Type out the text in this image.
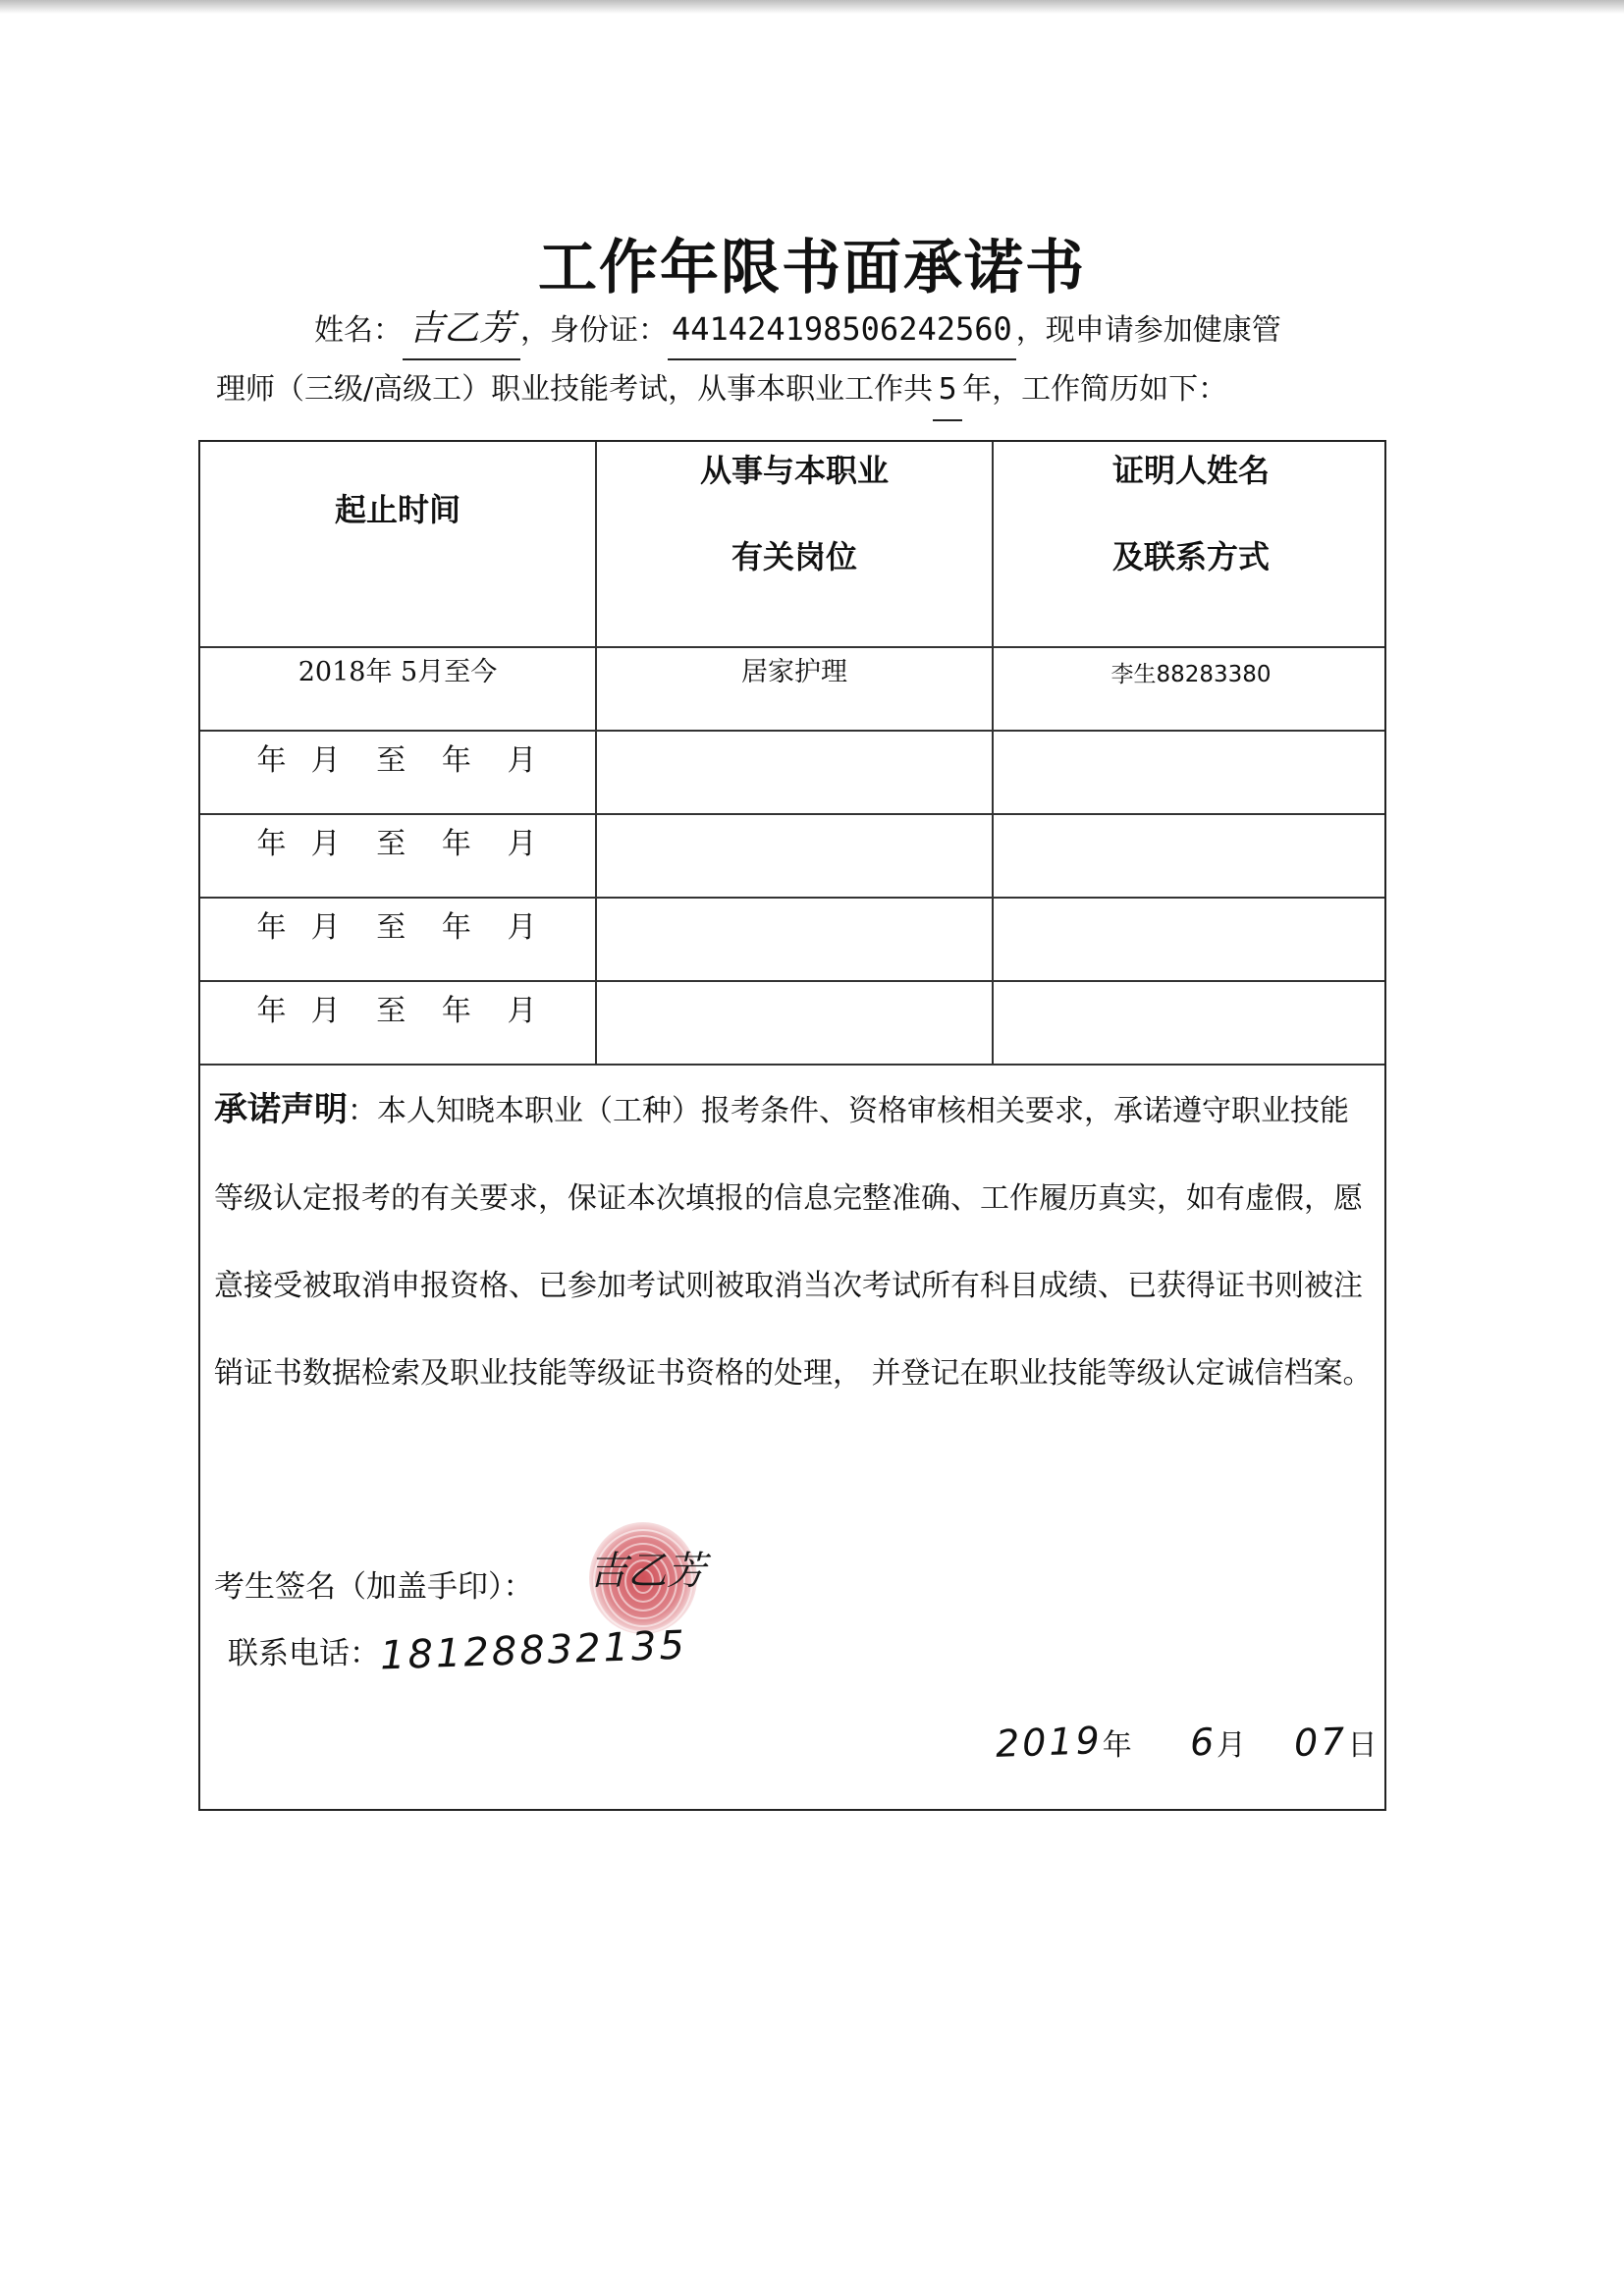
工作年限书面承诺书
姓名： 吉乙芳 ，身份证： 441424198506242560 ，现申请参加健康管
理师（三级/高级工）职业技能考试，从事本职业工作共 5 年，工作简历如下：
起止时间
从事与本职业
有关岗位
证明人姓名
及联系方式
2018年 5月至今	居家护理	李生88283380
年  月   至   年   月
年  月   至   年   月
年  月   至   年   月
年  月   至   年   月
承诺声明：本人知晓本职业（工种）报考条件、资格审核相关要求，承诺遵守职业技能等级认定报考的有关要求，保证本次填报的信息完整准确、工作履历真实，如有虚假，愿意接受被取消申报资格、已参加考试则被取消当次考试所有科目成绩、已获得证书则被注销证书数据检索及职业技能等级证书资格的处理， 并登记在职业技能等级认定诚信档案。
考生签名（加盖手印）： 吉乙芳
联系电话：18128832135
2019年 6月 07日
